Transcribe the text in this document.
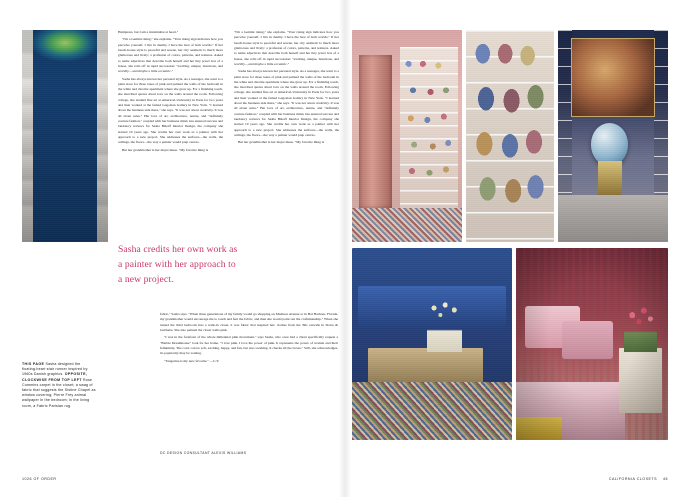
Hamptons, but I am a maximalist at heart."

"I'm a Gemini rising," she explains. "Your rising sign indicates how you perceive yourself. I live in duality. I have the best of both worlds." If her beach-house style is peaceful and serene, her city aesthetic is much more glamorous and lively: a profusion of colors, patterns, and textures. Asked to name adjectives that describe both herself and her tiny jewel box of a house, she rolls off in rapid succession: "exciting, unique, luxurious, and worldly—and maybe a little eccentric."

Sasha has always known her personal style. As a teenager, she went to a paint store for three tones of pink and painted the walls of the bedroom in the white and chrome apartment where she grew up. For a finishing touch, she inscribed quotes about love on the walls around the room. Following college, she studied fine art at American University in Paris for two years and then worked at the famed Gagosian Gallery in New York. "I learned about the business side there," she says. "It was not about creativity. It was all about sales." Her love of art, architecture, nature, and "definitely couture fashion," coupled with her business mind, has ensured success and laudatory reviews for Sasha Bikoff Interior Design, the company she started 10 years ago. She credits her own work as a painter with her approach to a new project. She addresses the surfaces—the walls, the ceilings, the floors—the way a painter would prep canvas.

But her grandmother is her major muse. "My favorite thing is

"I'm a Gemini rising," she explains. "Your rising sign indicates how you perceive yourself. I live in duality. I have the best of both worlds." If her beach-house style is peaceful and serene, her city aesthetic is much more glamorous and lively: a profusion of colors, patterns, and textures. Asked to name adjectives that describe both herself and her tiny jewel box of a house, she rolls off in rapid succession: "exciting, unique, luxurious, and worldly—and maybe a little eccentric."

Sasha has always known her personal style. As a teenager, she went to a paint store for three tones of pink and painted the walls of the bedroom in the white and chrome apartment where she grew up. For a finishing touch, she inscribed quotes about love on the walls around the room. Following college, she studied fine art at American University in Paris for two years and then worked at the famed Gagosian Gallery in New York. "I learned about the business side there," she says. "It was not about creativity. It was all about sales." Her love of art, architecture, nature, and "definitely couture fashion," coupled with her business mind, has ensured success and laudatory reviews for Sasha Bikoff Interior Design, the company she started 10 years ago. She credits her own work as a painter with her approach to a new project. She addresses the surfaces—the walls, the ceilings, the floors—the way a painter would prep canvas.

But her grandmother is her major muse. "My favorite thing is

Sasha credits her own work as a painter with her approach to a new project.

fabric," Sasha says. "When three generations of my family would go shopping on Madison Avenue or in Bal Harbour, Florida, my grandmother would encourage me to touch and feel the fabric, and then she would point out the craftsmanship." When she turned the third bedroom into a walk-in closet, it was fabric that inspired her: clothes from the '60s catwalk in Dolce & Gabbana. She also painted the closet walls pink.

"I was in the forefront of the whole millennial pink movement," says Sasha, who once had a client specifically request a "Barbie Dreamhouse" look for her home. "I love pink. I love the power of pink. It represents the power of women and their femininity. The color can be soft, exciting, happy, and fun, but also soothing. It checks all the boxes." Still, she acknowledges, its popularity may be waning.

"Tangerine is my new favorite." —C.Y.

THIS PAGE Sasha designed the floating-heart stair runner inspired by 1960s Danish graphics. OPPOSITE, CLOCKWISE FROM TOP LEFT Rose Cummins carpet in the closet; a swag of fabric that suggests the Sistine Chapel as window covering; Pierre Frey animal wallpaper in the bedroom; in the living room, a Fabric Parisian rug.
DC DESIGN CONSULTANT ALEXIS WILLIAMS
1026 OF ORDER	CALIFORNIA CLOSETS 46
